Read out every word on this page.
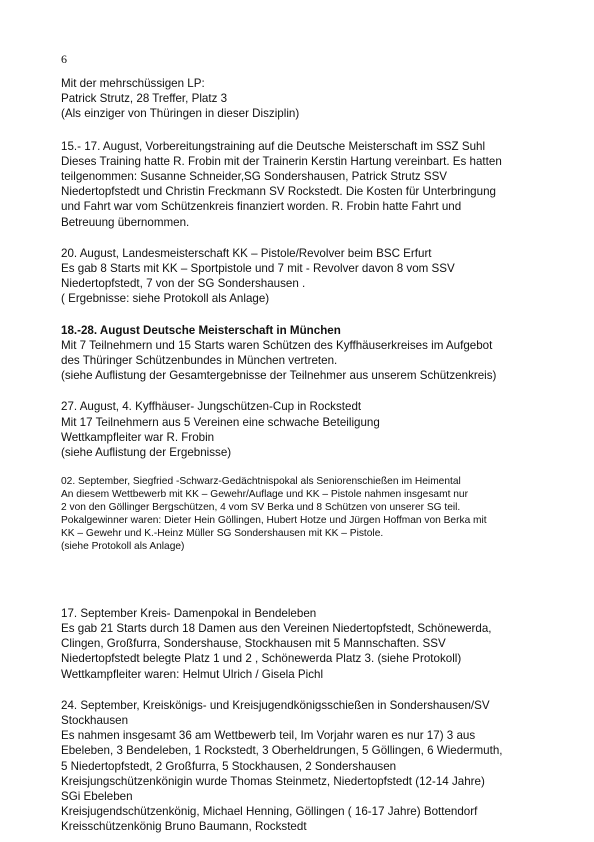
6

Mit der mehrschüssigen LP:

Patrick Strutz, 28 Treffer, Platz 3

(Als einziger von Thüringen in dieser Disziplin)

15.- 17. August, Vorbereitungstraining auf die Deutsche Meisterschaft im SSZ Suhl

Dieses Training hatte R. Frobin mit der Trainerin Kerstin Hartung vereinbart. Es hatten

teilgenommen: Susanne Schneider,SG Sondershausen, Patrick Strutz SSV

Niedertopfstedt und Christin Freckmann SV Rockstedt. Die Kosten für Unterbringung

und Fahrt war vom Schützenkreis finanziert worden. R. Frobin hatte Fahrt und

Betreuung übernommen.

20. August, Landesmeisterschaft KK – Pistole/Revolver beim BSC Erfurt

Es gab 8 Starts mit KK – Sportpistole und 7 mit - Revolver davon 8 vom SSV

Niedertopfstedt, 7 von der SG Sondershausen .

( Ergebnisse: siehe Protokoll als Anlage)

18.-28. August Deutsche Meisterschaft in München

Mit 7 Teilnehmern und 15 Starts waren Schützen des Kyffhäuserkreises im Aufgebot

des Thüringer Schützenbundes in München vertreten.

(siehe Auflistung der Gesamtergebnisse der Teilnehmer aus unserem Schützenkreis)

27. August, 4. Kyffhäuser- Jungschützen-Cup in Rockstedt

Mit 17 Teilnehmern aus 5 Vereinen eine schwache Beteiligung

Wettkampfleiter war R. Frobin

(siehe Auflistung der Ergebnisse)

02. September, Siegfried -Schwarz-Gedächtnispokal als Seniorenschießen im Heimental

An diesem Wettbewerb mit KK – Gewehr/Auflage und KK – Pistole nahmen insgesamt nur

2 von den Göllinger Bergschützen, 4 vom SV Berka und 8 Schützen von unserer SG teil.

Pokalgewinner waren: Dieter Hein Göllingen, Hubert Hotze und Jürgen Hoffman von Berka mit

KK – Gewehr und K.-Heinz Müller SG Sondershausen mit KK – Pistole.

(siehe Protokoll als Anlage)

17. September Kreis- Damenpokal in Bendeleben

Es gab 21 Starts durch 18 Damen aus den Vereinen Niedertopfstedt, Schönewerda,

Clingen, Großfurra, Sondershause, Stockhausen mit 5 Mannschaften. SSV

Niedertopfstedt belegte Platz 1 und 2 , Schönewerda Platz 3. (siehe Protokoll)

Wettkampfleiter waren: Helmut Ulrich / Gisela Pichl

24. September, Kreiskönigs- und Kreisjugendkönigsschießen in Sondershausen/SV

Stockhausen

Es nahmen insgesamt 36 am Wettbewerb teil, Im Vorjahr waren es nur 17) 3 aus

Ebeleben, 3 Bendeleben, 1 Rockstedt, 3 Oberheldrungen, 5 Göllingen, 6 Wiedermuth,

5 Niedertopfstedt, 2 Großfurra, 5 Stockhausen, 2 Sondershausen

Kreisjungschützenkönigin wurde Thomas Steinmetz, Niedertopfstedt (12-14 Jahre)

SGi Ebeleben

Kreisjugendschützenkönig, Michael Henning, Göllingen ( 16-17 Jahre) Bottendorf

Kreisschützenkönig Bruno Baumann, Rockstedt
